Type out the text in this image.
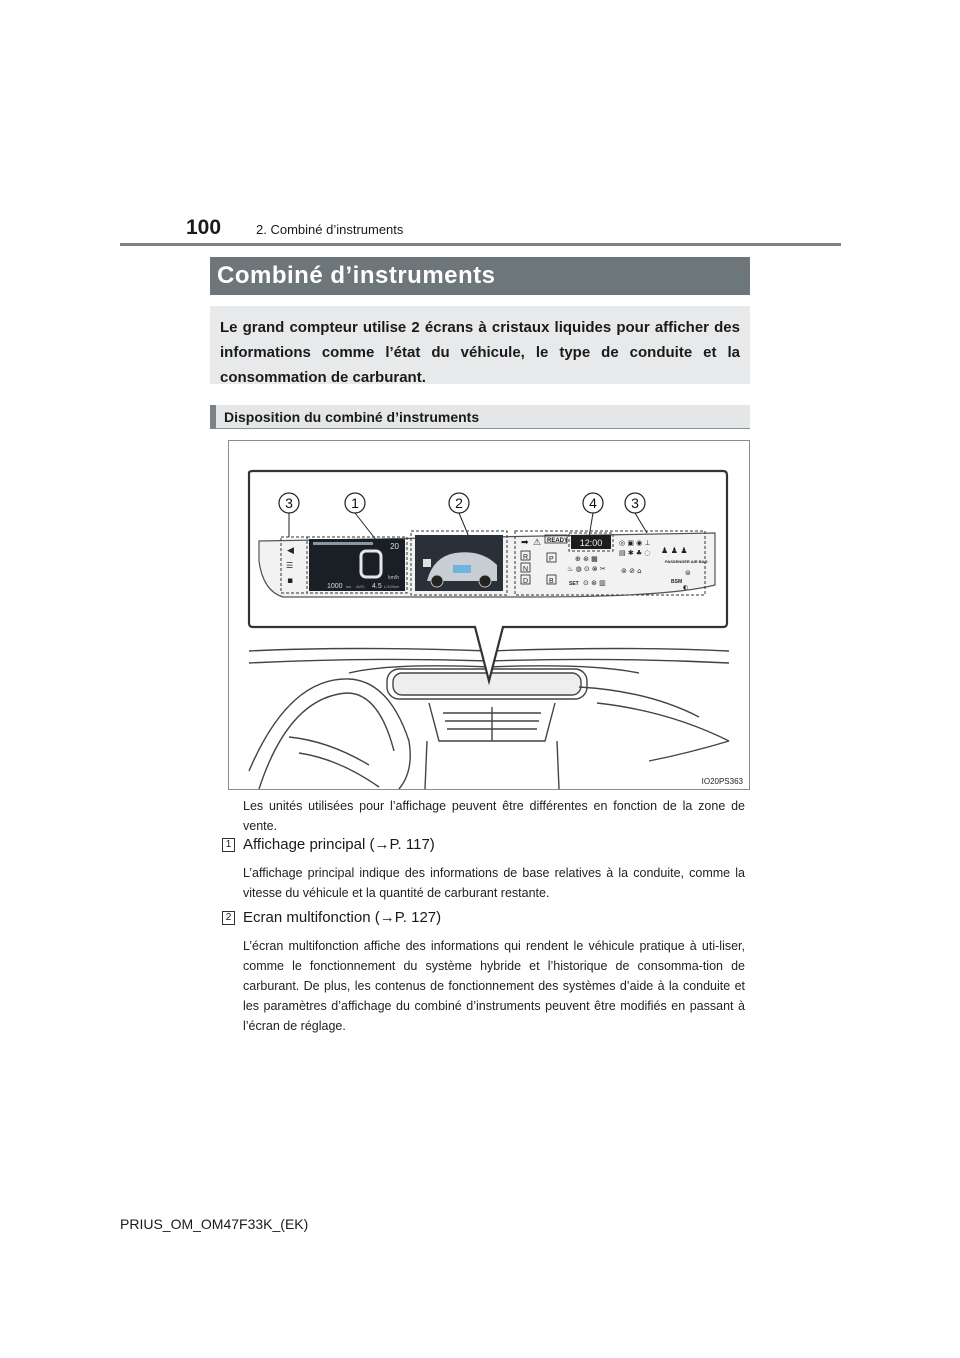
100	2. Combiné d’instruments
Combiné d’instruments
Le grand compteur utilise 2 écrans à cristaux liquides pour afficher des informations comme l’état du véhicule, le type de conduite et la consommation de carburant.
Disposition du combiné d’instruments
3	1	2	4 3
◀
☰
▪
20
0
km/h
1000 km AVG. 4.5 L/100km
➡ ⚠ READY 12:00
R
N
D
P
B
◎ ▣ ◉ ⊥
▤ ✱ ♣ ◌
⊕ ⊛ ▦
♨ ◍ ⊙ ⊗ ✂
♟ ♟ ♟
PASSENGER AIR BAG
⊚ ⊘ ⌂
BSM
SET ⊙ ⊛ ▥
⊜
◐
IO20PS363
Les unités utilisées pour l’affichage peuvent être différentes en fonction de la zone de vente.
1 Affichage principal (→P. 117)
L’affichage principal indique des informations de base relatives à la conduite, comme la vitesse du véhicule et la quantité de carburant restante.
2 Ecran multifonction (→P. 127)
L’écran multifonction affiche des informations qui rendent le véhicule pratique à uti-liser, comme le fonctionnement du système hybride et l’historique de consomma-tion de carburant. De plus, les contenus de fonctionnement des systèmes d’aide à la conduite et les paramètres d’affichage du combiné d’instruments peuvent être modifiés en passant à l’écran de réglage.
PRIUS_OM_OM47F33K_(EK)
